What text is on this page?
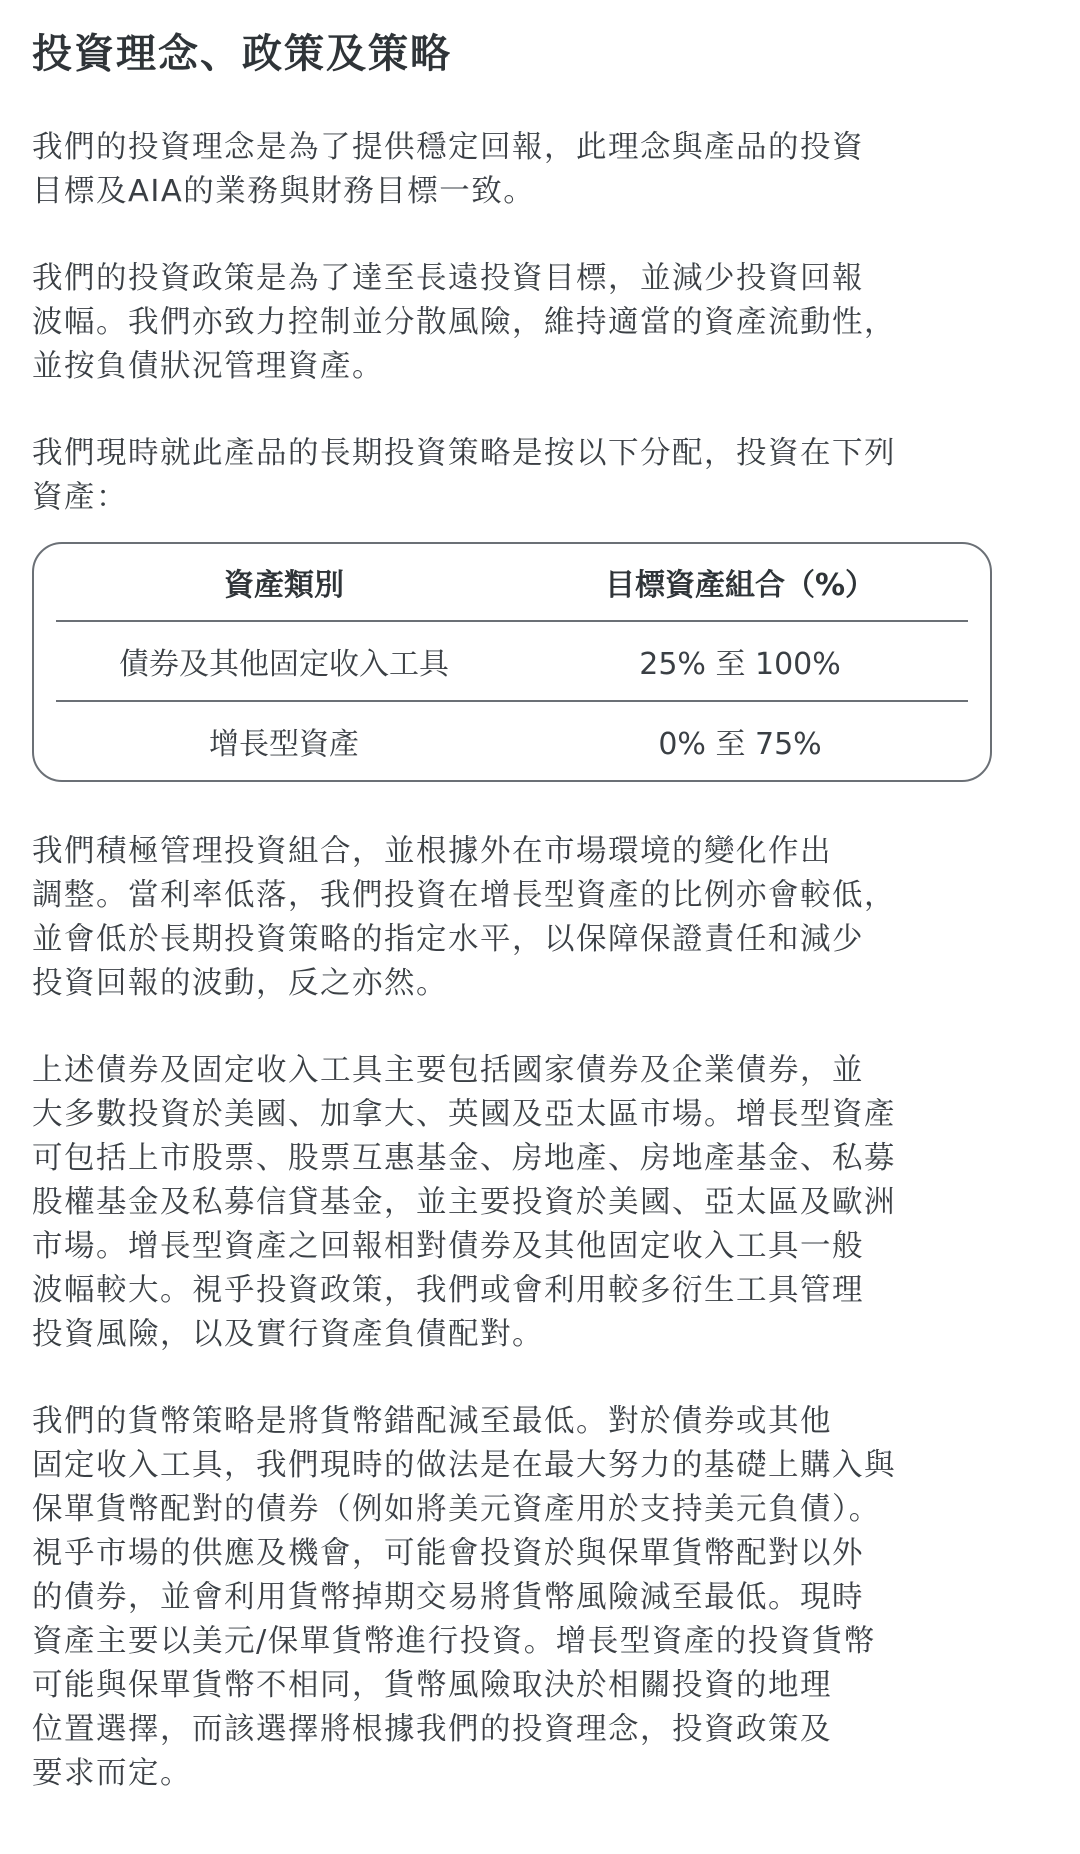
投資理念、政策及策略

我們的投資理念是為了提供穩定回報，此理念與產品的投資
目標及AIA的業務與財務目標一致。

我們的投資政策是為了達至長遠投資目標，並減少投資回報
波幅。我們亦致力控制並分散風險，維持適當的資產流動性，
並按負債狀況管理資產。

我們現時就此產品的長期投資策略是按以下分配，投資在下列
資產：

資產類別	目標資產組合（%）
債券及其他固定收入工具	25% 至 100%
增長型資產	0% 至 75%

我們積極管理投資組合，並根據外在市場環境的變化作出
調整。當利率低落，我們投資在增長型資產的比例亦會較低，
並會低於長期投資策略的指定水平，以保障保證責任和減少
投資回報的波動，反之亦然。

上述債券及固定收入工具主要包括國家債券及企業債券，並
大多數投資於美國、加拿大、英國及亞太區市場。增長型資產
可包括上市股票、股票互惠基金、房地產、房地產基金、私募
股權基金及私募信貸基金，並主要投資於美國、亞太區及歐洲
市場。增長型資產之回報相對債券及其他固定收入工具一般
波幅較大。視乎投資政策，我們或會利用較多衍生工具管理
投資風險，以及實行資產負債配對。

我們的貨幣策略是將貨幣錯配減至最低。對於債券或其他
固定收入工具，我們現時的做法是在最大努力的基礎上購入與
保單貨幣配對的債券（例如將美元資產用於支持美元負債）。
視乎市場的供應及機會，可能會投資於與保單貨幣配對以外
的債券，並會利用貨幣掉期交易將貨幣風險減至最低。現時
資產主要以美元/保單貨幣進行投資。增長型資產的投資貨幣
可能與保單貨幣不相同，貨幣風險取決於相關投資的地理
位置選擇，而該選擇將根據我們的投資理念，投資政策及
要求而定。
